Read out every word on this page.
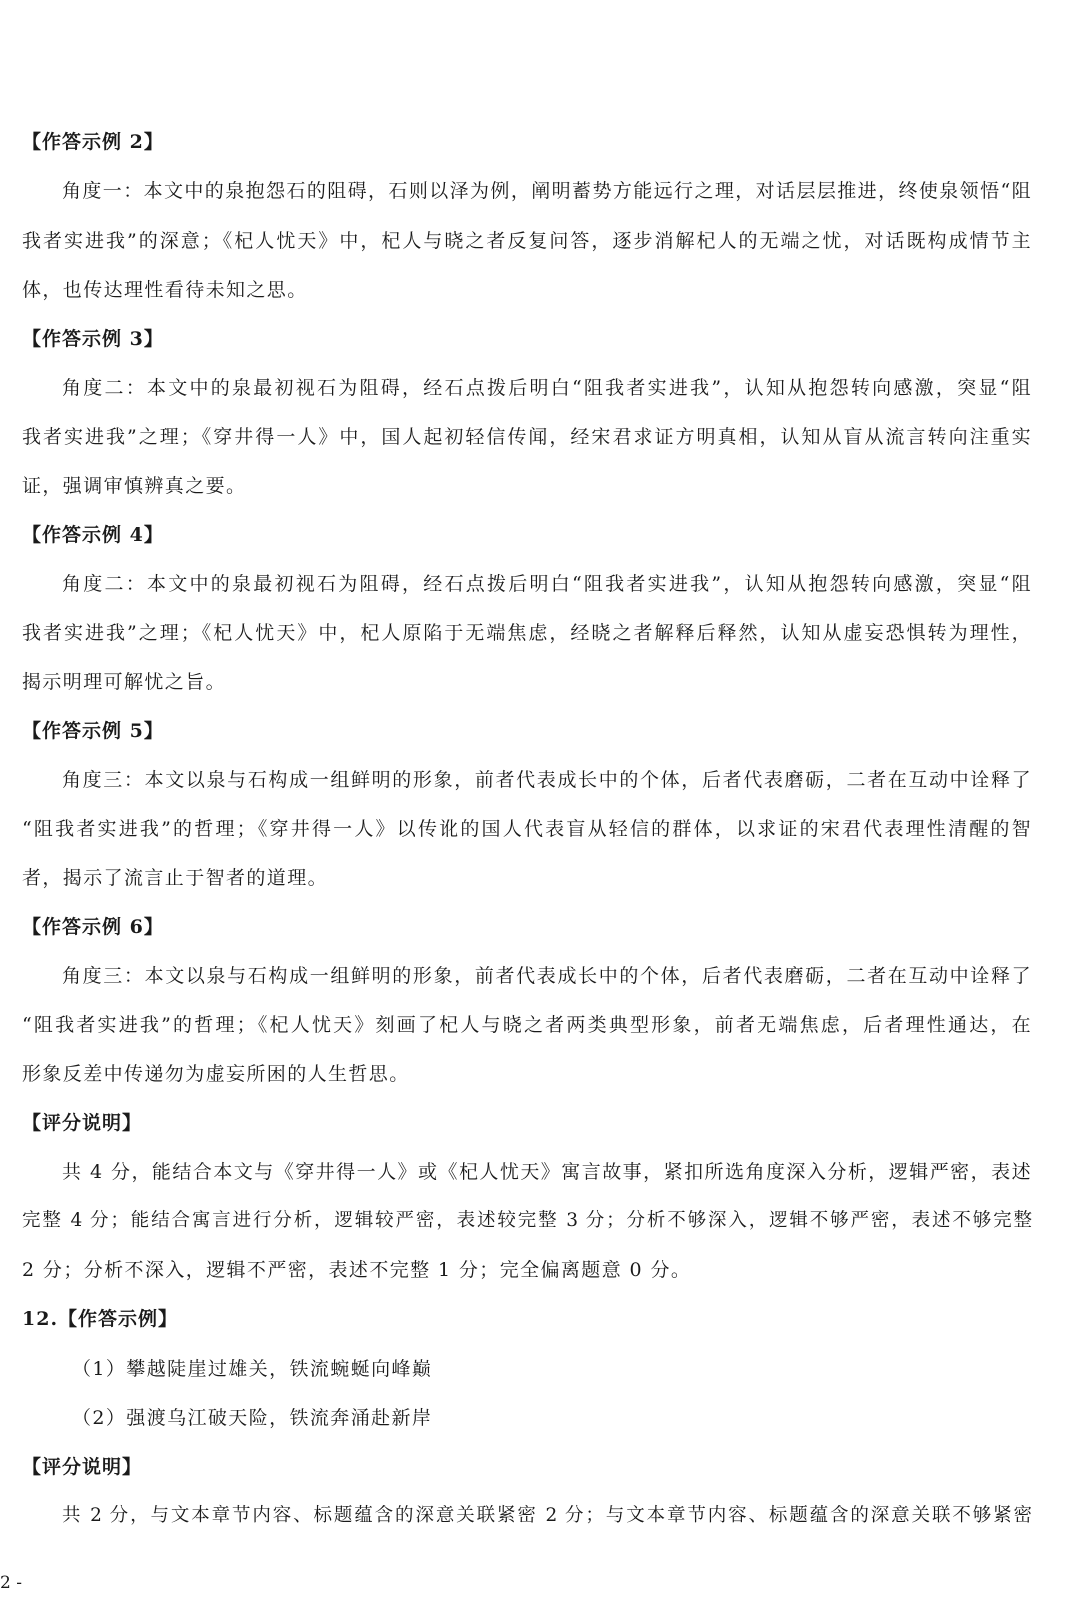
【作答示例 2】
角度一：本文中的泉抱怨石的阻碍，石则以泽为例，阐明蓄势方能远行之理，对话层层推进，终使泉领悟“阻
我者实进我”的深意；《杞人忧天》中，杞人与晓之者反复问答，逐步消解杞人的无端之忧，对话既构成情节主
体，也传达理性看待未知之思。
【作答示例 3】
角度二：本文中的泉最初视石为阻碍，经石点拨后明白“阻我者实进我”，认知从抱怨转向感激，突显“阻
我者实进我”之理；《穿井得一人》中，国人起初轻信传闻，经宋君求证方明真相，认知从盲从流言转向注重实
证，强调审慎辨真之要。
【作答示例 4】
角度二：本文中的泉最初视石为阻碍，经石点拨后明白“阻我者实进我”，认知从抱怨转向感激，突显“阻
我者实进我”之理；《杞人忧天》中，杞人原陷于无端焦虑，经晓之者解释后释然，认知从虚妄恐惧转为理性，
揭示明理可解忧之旨。
【作答示例 5】
角度三：本文以泉与石构成一组鲜明的形象，前者代表成长中的个体，后者代表磨砺，二者在互动中诠释了
“阻我者实进我”的哲理；《穿井得一人》以传讹的国人代表盲从轻信的群体，以求证的宋君代表理性清醒的智
者，揭示了流言止于智者的道理。
【作答示例 6】
角度三：本文以泉与石构成一组鲜明的形象，前者代表成长中的个体，后者代表磨砺，二者在互动中诠释了
“阻我者实进我”的哲理；《杞人忧天》刻画了杞人与晓之者两类典型形象，前者无端焦虑，后者理性通达，在
形象反差中传递勿为虚妄所困的人生哲思。
【评分说明】
共 4 分，能结合本文与《穿井得一人》或《杞人忧天》寓言故事，紧扣所选角度深入分析，逻辑严密，表述
完整 4 分；能结合寓言进行分析，逻辑较严密，表述较完整 3 分；分析不够深入，逻辑不够严密，表述不够完整
2 分；分析不深入，逻辑不严密，表述不完整 1 分；完全偏离题意 0 分。
12.【作答示例】
（1）攀越陡崖过雄关，铁流蜿蜒向峰巅
（2）强渡乌江破天险，铁流奔涌赴新岸
【评分说明】
共 2 分，与文本章节内容、标题蕴含的深意关联紧密 2 分；与文本章节内容、标题蕴含的深意关联不够紧密
2 -
